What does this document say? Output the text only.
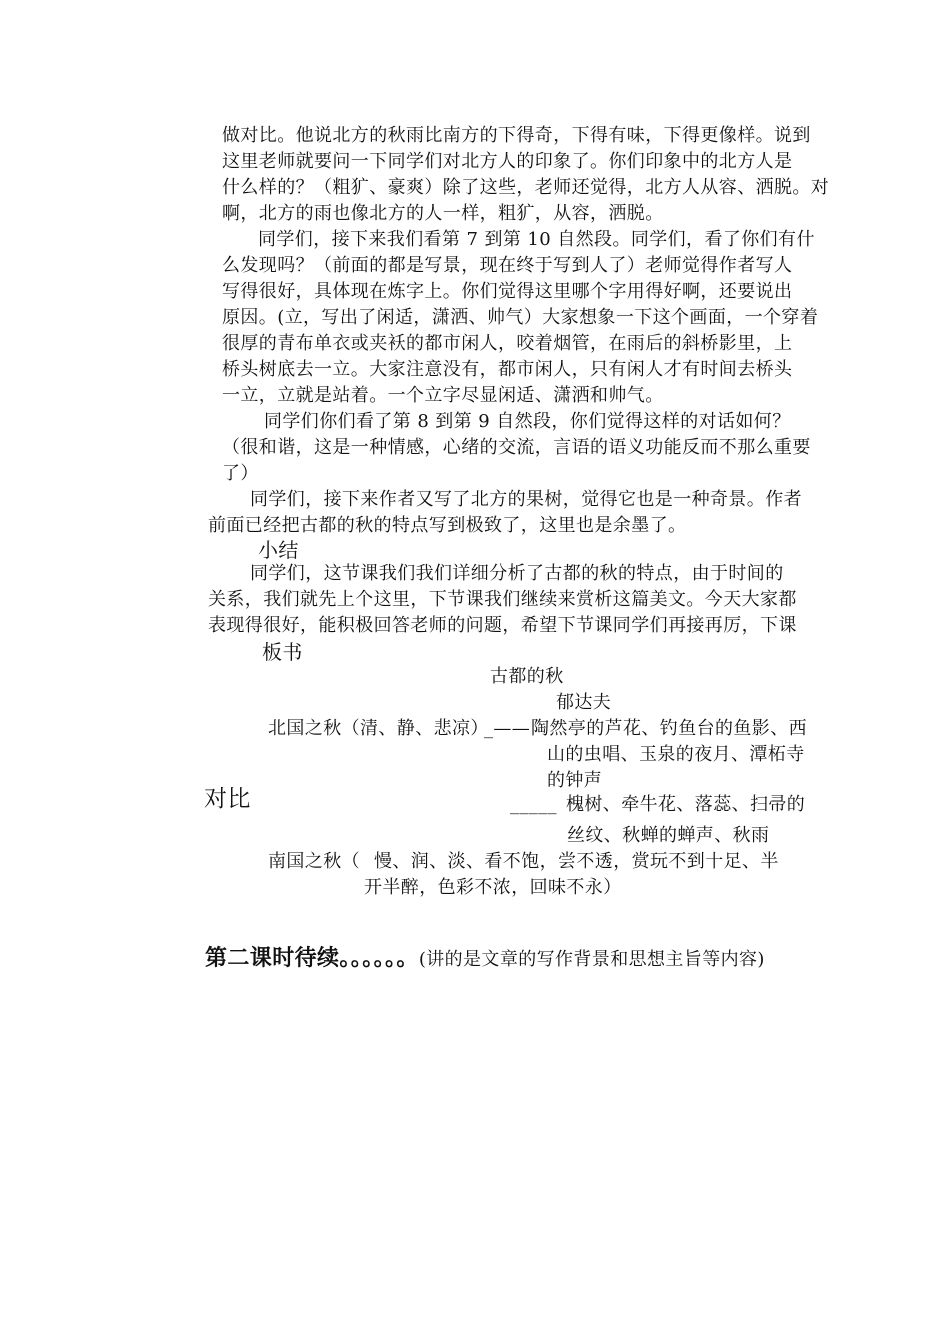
做对比。他说北方的秋雨比南方的下得奇，下得有味，下得更像样。说到
这里老师就要问一下同学们对北方人的印象了。你们印象中的北方人是
什么样的？（粗犷、豪爽）除了这些，老师还觉得，北方人从容、洒脱。对
啊，北方的雨也像北方的人一样，粗犷，从容，洒脱。
同学们，接下来我们看第 7 到第 10 自然段。同学们，看了你们有什
么发现吗？（前面的都是写景，现在终于写到人了）老师觉得作者写人
写得很好，具体现在炼字上。你们觉得这里哪个字用得好啊，还要说出
原因。(立，写出了闲适，潇洒、帅气）大家想象一下这个画面，一个穿着
很厚的青布单衣或夹袄的都市闲人，咬着烟管，在雨后的斜桥影里，上
桥头树底去一立。大家注意没有，都市闲人，只有闲人才有时间去桥头
一立，立就是站着。一个立字尽显闲适、潇洒和帅气。
同学们你们看了第 8 到第 9 自然段，你们觉得这样的对话如何？
（很和谐，这是一种情感，心绪的交流，言语的语义功能反而不那么重要
了）
同学们，接下来作者又写了北方的果树，觉得它也是一种奇景。作者
前面已经把古都的秋的特点写到极致了，这里也是余墨了。
小结
同学们，这节课我们我们详细分析了古都的秋的特点，由于时间的
关系，我们就先上个这里，下节课我们继续来赏析这篇美文。今天大家都
表现得很好，能积极回答老师的问题，希望下节课同学们再接再厉，下课
板书
古都的秋
郁达夫
北国之秋（清、静、悲凉）
_—— 陶然亭的芦花、钓鱼台的鱼影、西
山的虫唱、玉泉的夜月、潭柘寺
的钟声
对比	_____ 槐树、牵牛花、落蕊、扫帚的
丝纹、秋蝉的蝉声、秋雨
南国之秋（ 慢、润、淡、看不饱，尝不透，赏玩不到十足、半
开半醉，色彩不浓，回味不永）
第二课时待续。。。。。。(讲的是文章的写作背景和思想主旨等内容)
